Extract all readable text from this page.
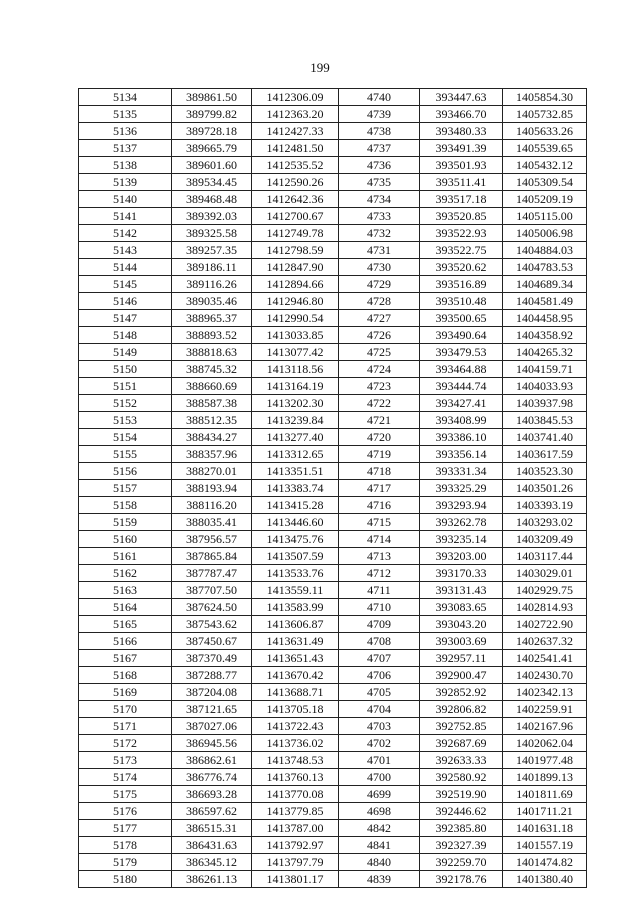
199
5134	389861.50	1412306.09	4740	393447.63	1405854.30
5135	389799.82	1412363.20	4739	393466.70	1405732.85
5136	389728.18	1412427.33	4738	393480.33	1405633.26
5137	389665.79	1412481.50	4737	393491.39	1405539.65
5138	389601.60	1412535.52	4736	393501.93	1405432.12
5139	389534.45	1412590.26	4735	393511.41	1405309.54
5140	389468.48	1412642.36	4734	393517.18	1405209.19
5141	389392.03	1412700.67	4733	393520.85	1405115.00
5142	389325.58	1412749.78	4732	393522.93	1405006.98
5143	389257.35	1412798.59	4731	393522.75	1404884.03
5144	389186.11	1412847.90	4730	393520.62	1404783.53
5145	389116.26	1412894.66	4729	393516.89	1404689.34
5146	389035.46	1412946.80	4728	393510.48	1404581.49
5147	388965.37	1412990.54	4727	393500.65	1404458.95
5148	388893.52	1413033.85	4726	393490.64	1404358.92
5149	388818.63	1413077.42	4725	393479.53	1404265.32
5150	388745.32	1413118.56	4724	393464.88	1404159.71
5151	388660.69	1413164.19	4723	393444.74	1404033.93
5152	388587.38	1413202.30	4722	393427.41	1403937.98
5153	388512.35	1413239.84	4721	393408.99	1403845.53
5154	388434.27	1413277.40	4720	393386.10	1403741.40
5155	388357.96	1413312.65	4719	393356.14	1403617.59
5156	388270.01	1413351.51	4718	393331.34	1403523.30
5157	388193.94	1413383.74	4717	393325.29	1403501.26
5158	388116.20	1413415.28	4716	393293.94	1403393.19
5159	388035.41	1413446.60	4715	393262.78	1403293.02
5160	387956.57	1413475.76	4714	393235.14	1403209.49
5161	387865.84	1413507.59	4713	393203.00	1403117.44
5162	387787.47	1413533.76	4712	393170.33	1403029.01
5163	387707.50	1413559.11	4711	393131.43	1402929.75
5164	387624.50	1413583.99	4710	393083.65	1402814.93
5165	387543.62	1413606.87	4709	393043.20	1402722.90
5166	387450.67	1413631.49	4708	393003.69	1402637.32
5167	387370.49	1413651.43	4707	392957.11	1402541.41
5168	387288.77	1413670.42	4706	392900.47	1402430.70
5169	387204.08	1413688.71	4705	392852.92	1402342.13
5170	387121.65	1413705.18	4704	392806.82	1402259.91
5171	387027.06	1413722.43	4703	392752.85	1402167.96
5172	386945.56	1413736.02	4702	392687.69	1402062.04
5173	386862.61	1413748.53	4701	392633.33	1401977.48
5174	386776.74	1413760.13	4700	392580.92	1401899.13
5175	386693.28	1413770.08	4699	392519.90	1401811.69
5176	386597.62	1413779.85	4698	392446.62	1401711.21
5177	386515.31	1413787.00	4842	392385.80	1401631.18
5178	386431.63	1413792.97	4841	392327.39	1401557.19
5179	386345.12	1413797.79	4840	392259.70	1401474.82
5180	386261.13	1413801.17	4839	392178.76	1401380.40
